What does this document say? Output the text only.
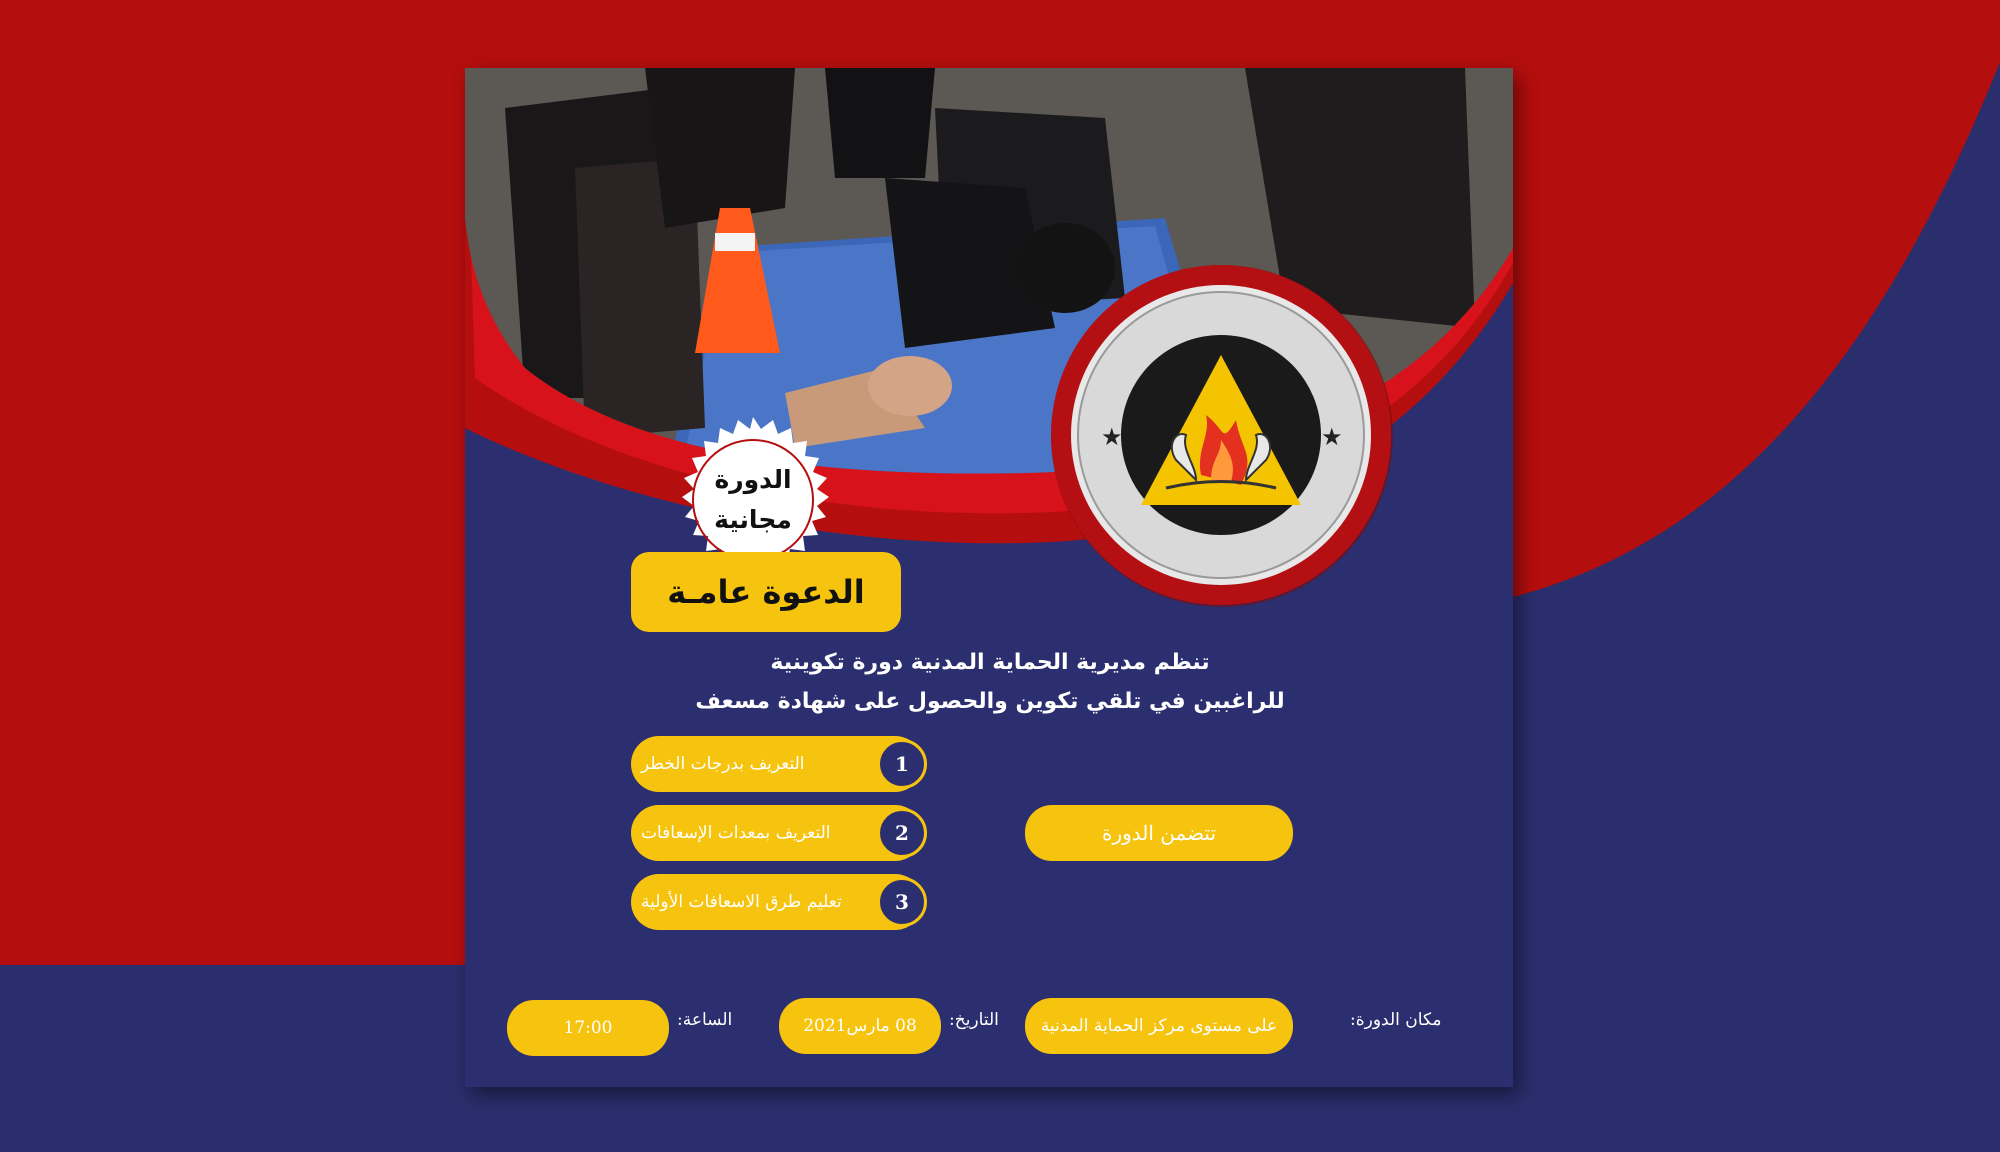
★	★
الدورة
مجانية
الدعوة عامـة
تنظم مديرية الحماية المدنية دورة تكوينية
للراغبين في تلقي تكوين والحصول على شهادة مسعف
التعريف بدرجات الخطر	1
التعريف بمعدات الإسعافات	2
تعليم طرق الاسعافات الأولية	3
تتضمن الدورة
مكان الدورة:
على مستوى مركز الحماية المدنية
التاريخ:
08 مارس2021
الساعة:
17:00
